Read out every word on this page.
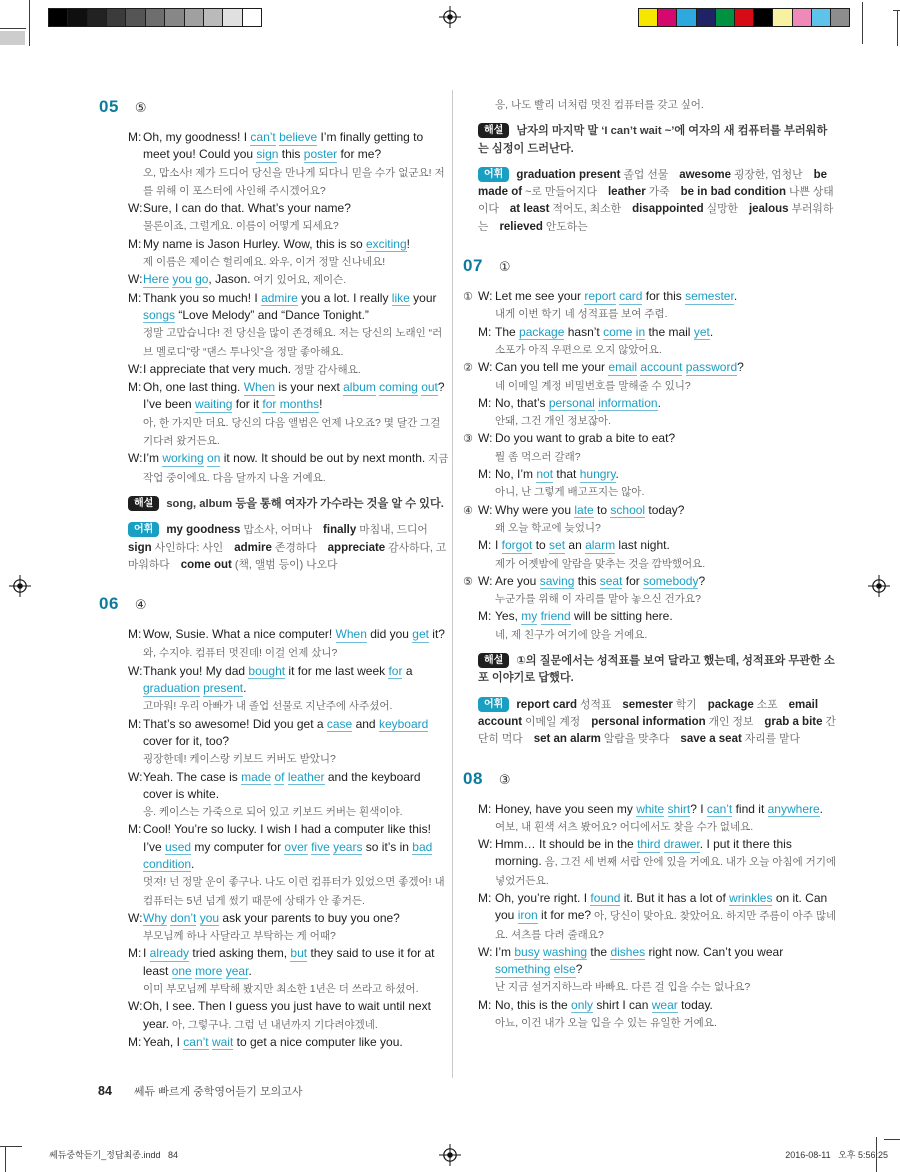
05 ⑤
M: Oh, my goodness! I can’t believe I’m finally getting to meet you! Could you sign this poster for me?
오, 맙소사! 제가 드디어 당신을 만나게 되다니 믿을 수가 없군요! 저를 위해 이 포스터에 사인해 주시겠어요?
W: Sure, I can do that. What’s your name?
물론이죠, 그럴게요. 이름이 어떻게 되세요?
M: My name is Jason Hurley. Wow, this is so exciting!
제 이름은 제이슨 헐리예요. 와우, 이거 정말 신나네요!
W: Here you go, Jason. 여기 있어요, 제이슨.
M: Thank you so much! I admire you a lot. I really like your songs “Love Melody” and “Dance Tonight.”
정말 고맙습니다! 전 당신을 많이 존경해요. 저는 당신의 노래인 “러브 멜로디”랑 “댄스 투나잇”을 정말 좋아해요.
W: I appreciate that very much. 정말 감사해요.
M: Oh, one last thing. When is your next album coming out? I’ve been waiting for it for months!
아, 한 가지만 더요. 당신의 다음 앨범은 언제 나오죠? 몇 달간 그걸 기다려 왔거든요.
W: I’m working on it now. It should be out by next month. 지금 작업 중이에요. 다음 달까지 나올 거예요.
해설 song, album 등을 통해 여자가 가수라는 것을 알 수 있다.
어휘 my goodness 맙소사, 어머나 finally 마침내, 드디어sign 사인하다: 사인 admire 존경하다 appreciate 감사하다, 고마워하다 come out (책, 앨범 등이) 나오다
06 ④
M: Wow, Susie. What a nice computer! When did you get it? 와, 수지야. 컴퓨터 멋진데! 이걸 언제 샀니?
W: Thank you! My dad bought it for me last week for a graduation present.
고마워! 우리 아빠가 내 졸업 선물로 지난주에 사주셨어.
M: That’s so awesome! Did you get a case and keyboard cover for it, too?
굉장한데! 케이스랑 키보드 커버도 받았니?
W: Yeah. The case is made of leather and the keyboard cover is white.
응. 케이스는 가죽으로 되어 있고 키보드 커버는 흰색이야.
M: Cool! You’re so lucky. I wish I had a computer like this! I’ve used my computer for over five years so it’s in bad condition.
멋져! 넌 정말 운이 좋구나. 나도 이런 컴퓨터가 있었으면 좋겠어! 내 컴퓨터는 5년 넘게 썼기 때문에 상태가 안 좋거든.
W: Why don’t you ask your parents to buy you one?
부모님께 하나 사달라고 부탁하는 게 어때?
M: I already tried asking them, but they said to use it for at least one more year.
이미 부모님께 부탁해 봤지만 최소한 1년은 더 쓰라고 하셨어.
W: Oh, I see. Then I guess you just have to wait until next year. 아, 그렇구나. 그럼 넌 내년까지 기다려야겠네.
M: Yeah, I can’t wait to get a nice computer like you.
응, 나도 빨리 너처럼 멋진 컴퓨터를 갖고 싶어.
해설 남자의 마지막 말 ‘I can’t wait ~’에 여자의 새 컴퓨터를 부러워하는 심정이 드러난다.
어휘 graduation present 졸업 선물 awesome 굉장한, 엄청난 be made of ~로 만들어지다 leather 가죽 be in bad condition 나쁜 상태이다 at least 적어도, 최소한 disappointed 실망한 jealous 부러워하는 relieved 안도하는
07 ①
① W: Let me see your report card for this semester.
내게 이번 학기 네 성적표를 보여 주렴.
M: The package hasn’t come in the mail yet.
소포가 아직 우편으로 오지 않았어요.
② W: Can you tell me your email account password?
네 이메일 계정 비밀번호를 말해줄 수 있니?
M: No, that’s personal information.
안돼, 그건 개인 정보잖아.
③ W: Do you want to grab a bite to eat?
뭘 좀 먹으러 갈래?
M: No, I’m not that hungry.
아니, 난 그렇게 배고프지는 않아.
④ W: Why were you late to school today?
왜 오늘 학교에 늦었니?
M: I forgot to set an alarm last night.
제가 어젯밤에 알람을 맞추는 것을 깜박했어요.
⑤ W: Are you saving this seat for somebody?
누군가를 위해 이 자리를 맡아 놓으신 건가요?
M: Yes, my friend will be sitting here.
네, 제 친구가 여기에 앉을 거예요.
해설 ①의 질문에서는 성적표를 보여 달라고 했는데, 성적표와 무관한 소포 이야기로 답했다.
어휘 report card 성적표 semester 학기 package 소포 email account 이메일 계정 personal information 개인 정보 grab a bite 간단히 먹다 set an alarm 알람을 맞추다 save a seat 자리를 맡다
08 ③
M: Honey, have you seen my white shirt? I can’t find it anywhere.
여보, 내 흰색 셔츠 봤어요? 어디에서도 찾을 수가 없네요.
W: Hmm… It should be in the third drawer. I put it there this morning. 음, 그건 세 번째 서랍 안에 있을 거예요. 내가 오늘 아침에 거기에 넣었거든요.
M: Oh, you’re right. I found it. But it has a lot of wrinkles on it. Can you iron it for me? 아, 당신이 맞아요. 찾았어요. 하지만 주름이 아주 많네요. 셔츠를 다려 줄래요?
W: I’m busy washing the dishes right now. Can’t you wear something else?
난 지금 설거지하느라 바빠요. 다른 걸 입을 수는 없나요?
M: No, this is the only shirt I can wear today.
아뇨, 이건 내가 오늘 입을 수 있는 유일한 거예요.
84 쎄듀 빠르게 중학영어듣기 모의고사
쎄듀중학듣기_정답최종.indd   84	2016-08-11   오후 5:56:25
